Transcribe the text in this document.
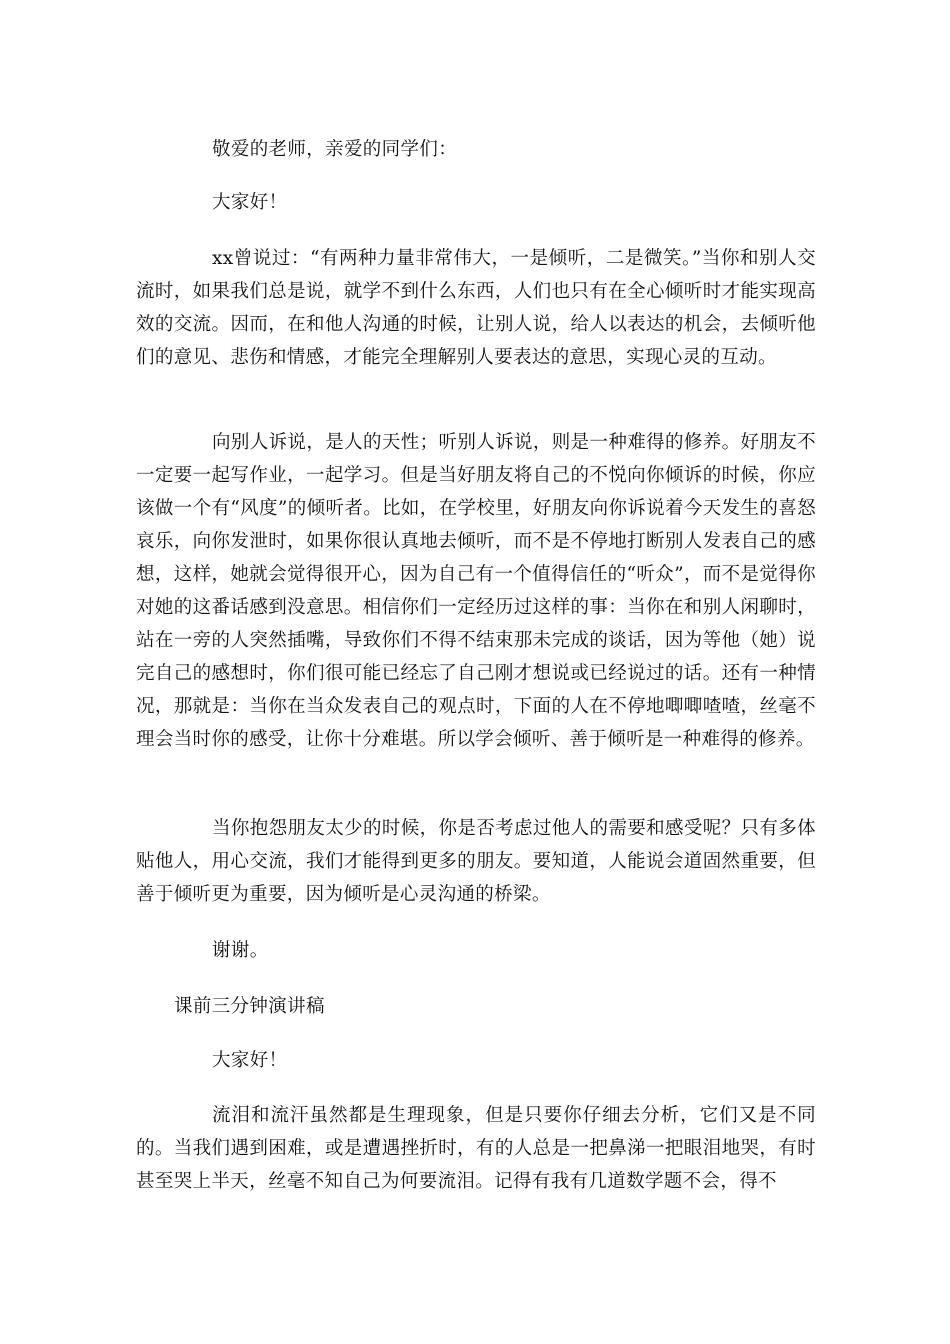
敬爱的老师，亲爱的同学们：
大家好！
xx曾说过：“有两种力量非常伟大，一是倾听，二是微笑。”当你和别人交流时，如果我们总是说，就学不到什么东西，人们也只有在全心倾听时才能实现高效的交流。因而，在和他人沟通的时候，让别人说，给人以表达的机会，去倾听他们的意见、悲伤和情感，才能完全理解别人要表达的意思，实现心灵的互动。
向别人诉说，是人的天性；听别人诉说，则是一种难得的修养。好朋友不一定要一起写作业，一起学习。但是当好朋友将自己的不悦向你倾诉的时候，你应该做一个有“风度”的倾听者。比如，在学校里，好朋友向你诉说着今天发生的喜怒哀乐，向你发泄时，如果你很认真地去倾听，而不是不停地打断别人发表自己的感想，这样，她就会觉得很开心，因为自己有一个值得信任的“听众”，而不是觉得你对她的这番话感到没意思。相信你们一定经历过这样的事：当你在和别人闲聊时，站在一旁的人突然插嘴，导致你们不得不结束那未完成的谈话，因为等他（她）说完自己的感想时，你们很可能已经忘了自己刚才想说或已经说过的话。还有一种情况，那就是：当你在当众发表自己的观点时，下面的人在不停地唧唧喳喳，丝毫不理会当时你的感受，让你十分难堪。所以学会倾听、善于倾听是一种难得的修养。
当你抱怨朋友太少的时候，你是否考虑过他人的需要和感受呢？只有多体贴他人，用心交流，我们才能得到更多的朋友。要知道，人能说会道固然重要，但善于倾听更为重要，因为倾听是心灵沟通的桥梁。
谢谢。
课前三分钟演讲稿
大家好！
流泪和流汗虽然都是生理现象，但是只要你仔细去分析，它们又是不同的。当我们遇到困难，或是遭遇挫折时，有的人总是一把鼻涕一把眼泪地哭，有时甚至哭上半天，丝毫不知自己为何要流泪。记得有我有几道数学题不会，得不
